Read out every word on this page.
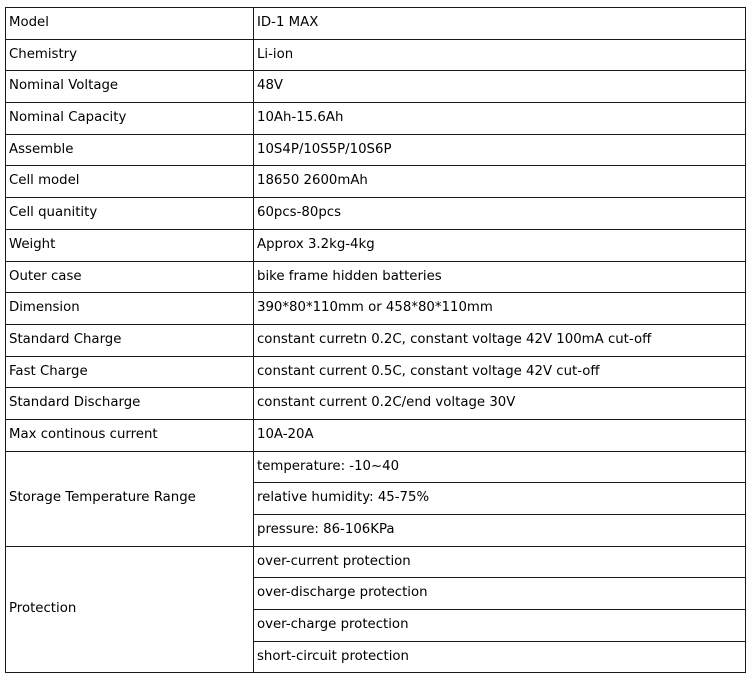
Model	ID-1 MAX
Chemistry	Li-ion
Nominal Voltage	48V
Nominal Capacity	10Ah-15.6Ah
Assemble	10S4P/10S5P/10S6P
Cell model	18650 2600mAh
Cell quanitity	60pcs-80pcs
Weight	Approx 3.2kg-4kg
Outer case	bike frame hidden batteries
Dimension	390*80*110mm or 458*80*110mm
Standard Charge	constant curretn 0.2C, constant voltage 42V 100mA cut-off
Fast Charge	constant current 0.5C, constant voltage 42V cut-off
Standard Discharge	constant current 0.2C/end voltage 30V
Max continous current	10A-20A
Storage Temperature Range	temperature: -10~40
	relative humidity: 45-75%
	pressure: 86-106KPa
Protection	over-current protection
	over-discharge protection
	over-charge protection
	short-circuit protection
